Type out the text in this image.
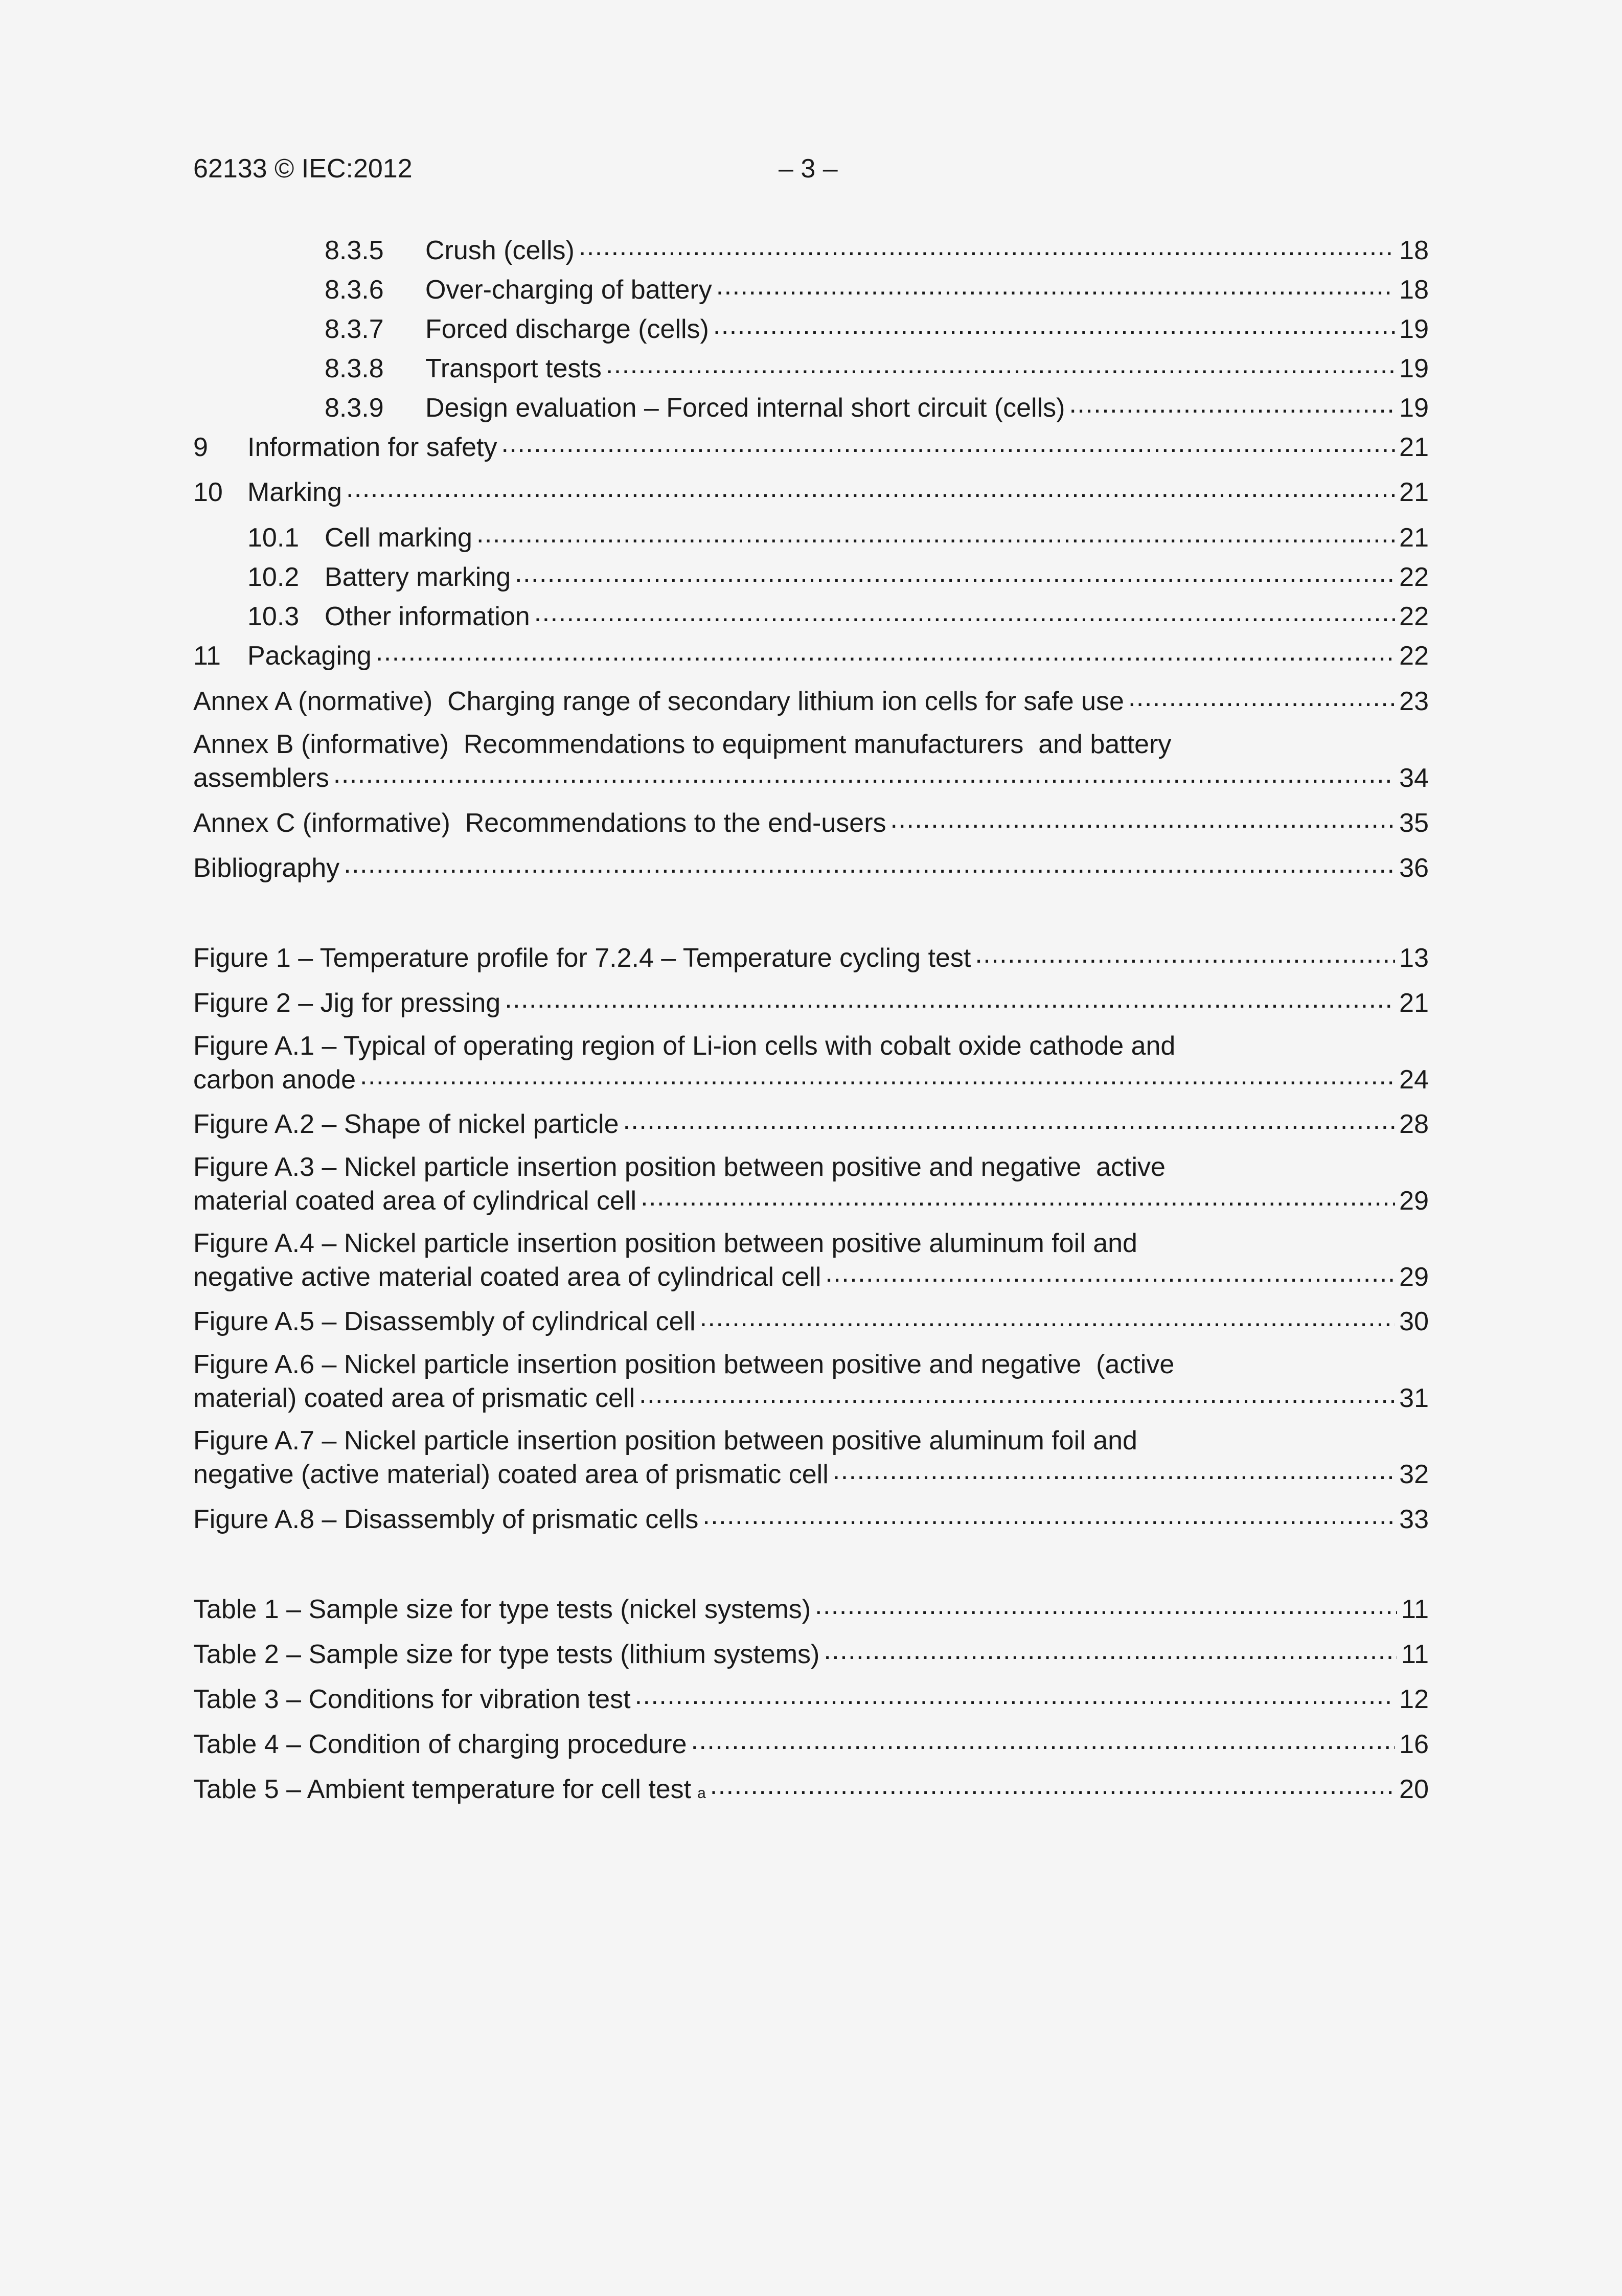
62133 © IEC:2012	– 3 –
8.3.5	Crush (cells) .....	18
8.3.6	Over-charging of battery .....	18
8.3.7	Forced discharge (cells) .....	19
8.3.8	Transport tests .....	19
8.3.9	Design evaluation – Forced internal short circuit (cells) .....	19
9	Information for safety .....	21
10 Marking .....	21
10.1 Cell marking .....	21
10.2 Battery marking .....	22
10.3 Other information .....	22
11	Packaging .....	22
Annex A (normative)  Charging range of secondary lithium ion cells for safe use .....	23
Annex B (informative)  Recommendations to equipment manufacturers  and battery
assemblers .....	34
Annex C (informative)  Recommendations to the end-users .....	35
Bibliography .....	36
Figure 1 – Temperature profile for 7.2.4 – Temperature cycling test .....	13
Figure 2 – Jig for pressing .....	21
Figure A.1 – Typical of operating region of Li-ion cells with cobalt oxide cathode and
carbon anode .....	24
Figure A.2 – Shape of nickel particle .....	28
Figure A.3 – Nickel particle insertion position between positive and negative  active
material coated area of cylindrical cell .....	29
Figure A.4 – Nickel particle insertion position between positive aluminum foil and
negative active material coated area of cylindrical cell .....	29
Figure A.5 – Disassembly of cylindrical cell .....	30
Figure A.6 – Nickel particle insertion position between positive and negative  (active
material) coated area of prismatic cell .....	31
Figure A.7 – Nickel particle insertion position between positive aluminum foil and
negative (active material) coated area of prismatic cell .....	32
Figure A.8 – Disassembly of prismatic cells .....	33
Table 1 – Sample size for type tests (nickel systems) .....	11
Table 2 – Sample size for type tests (lithium systems) .....	11
Table 3 – Conditions for vibration test .....	12
Table 4 – Condition of charging procedure .....	16
Table 5 – Ambient temperature for cell test a .....	20
